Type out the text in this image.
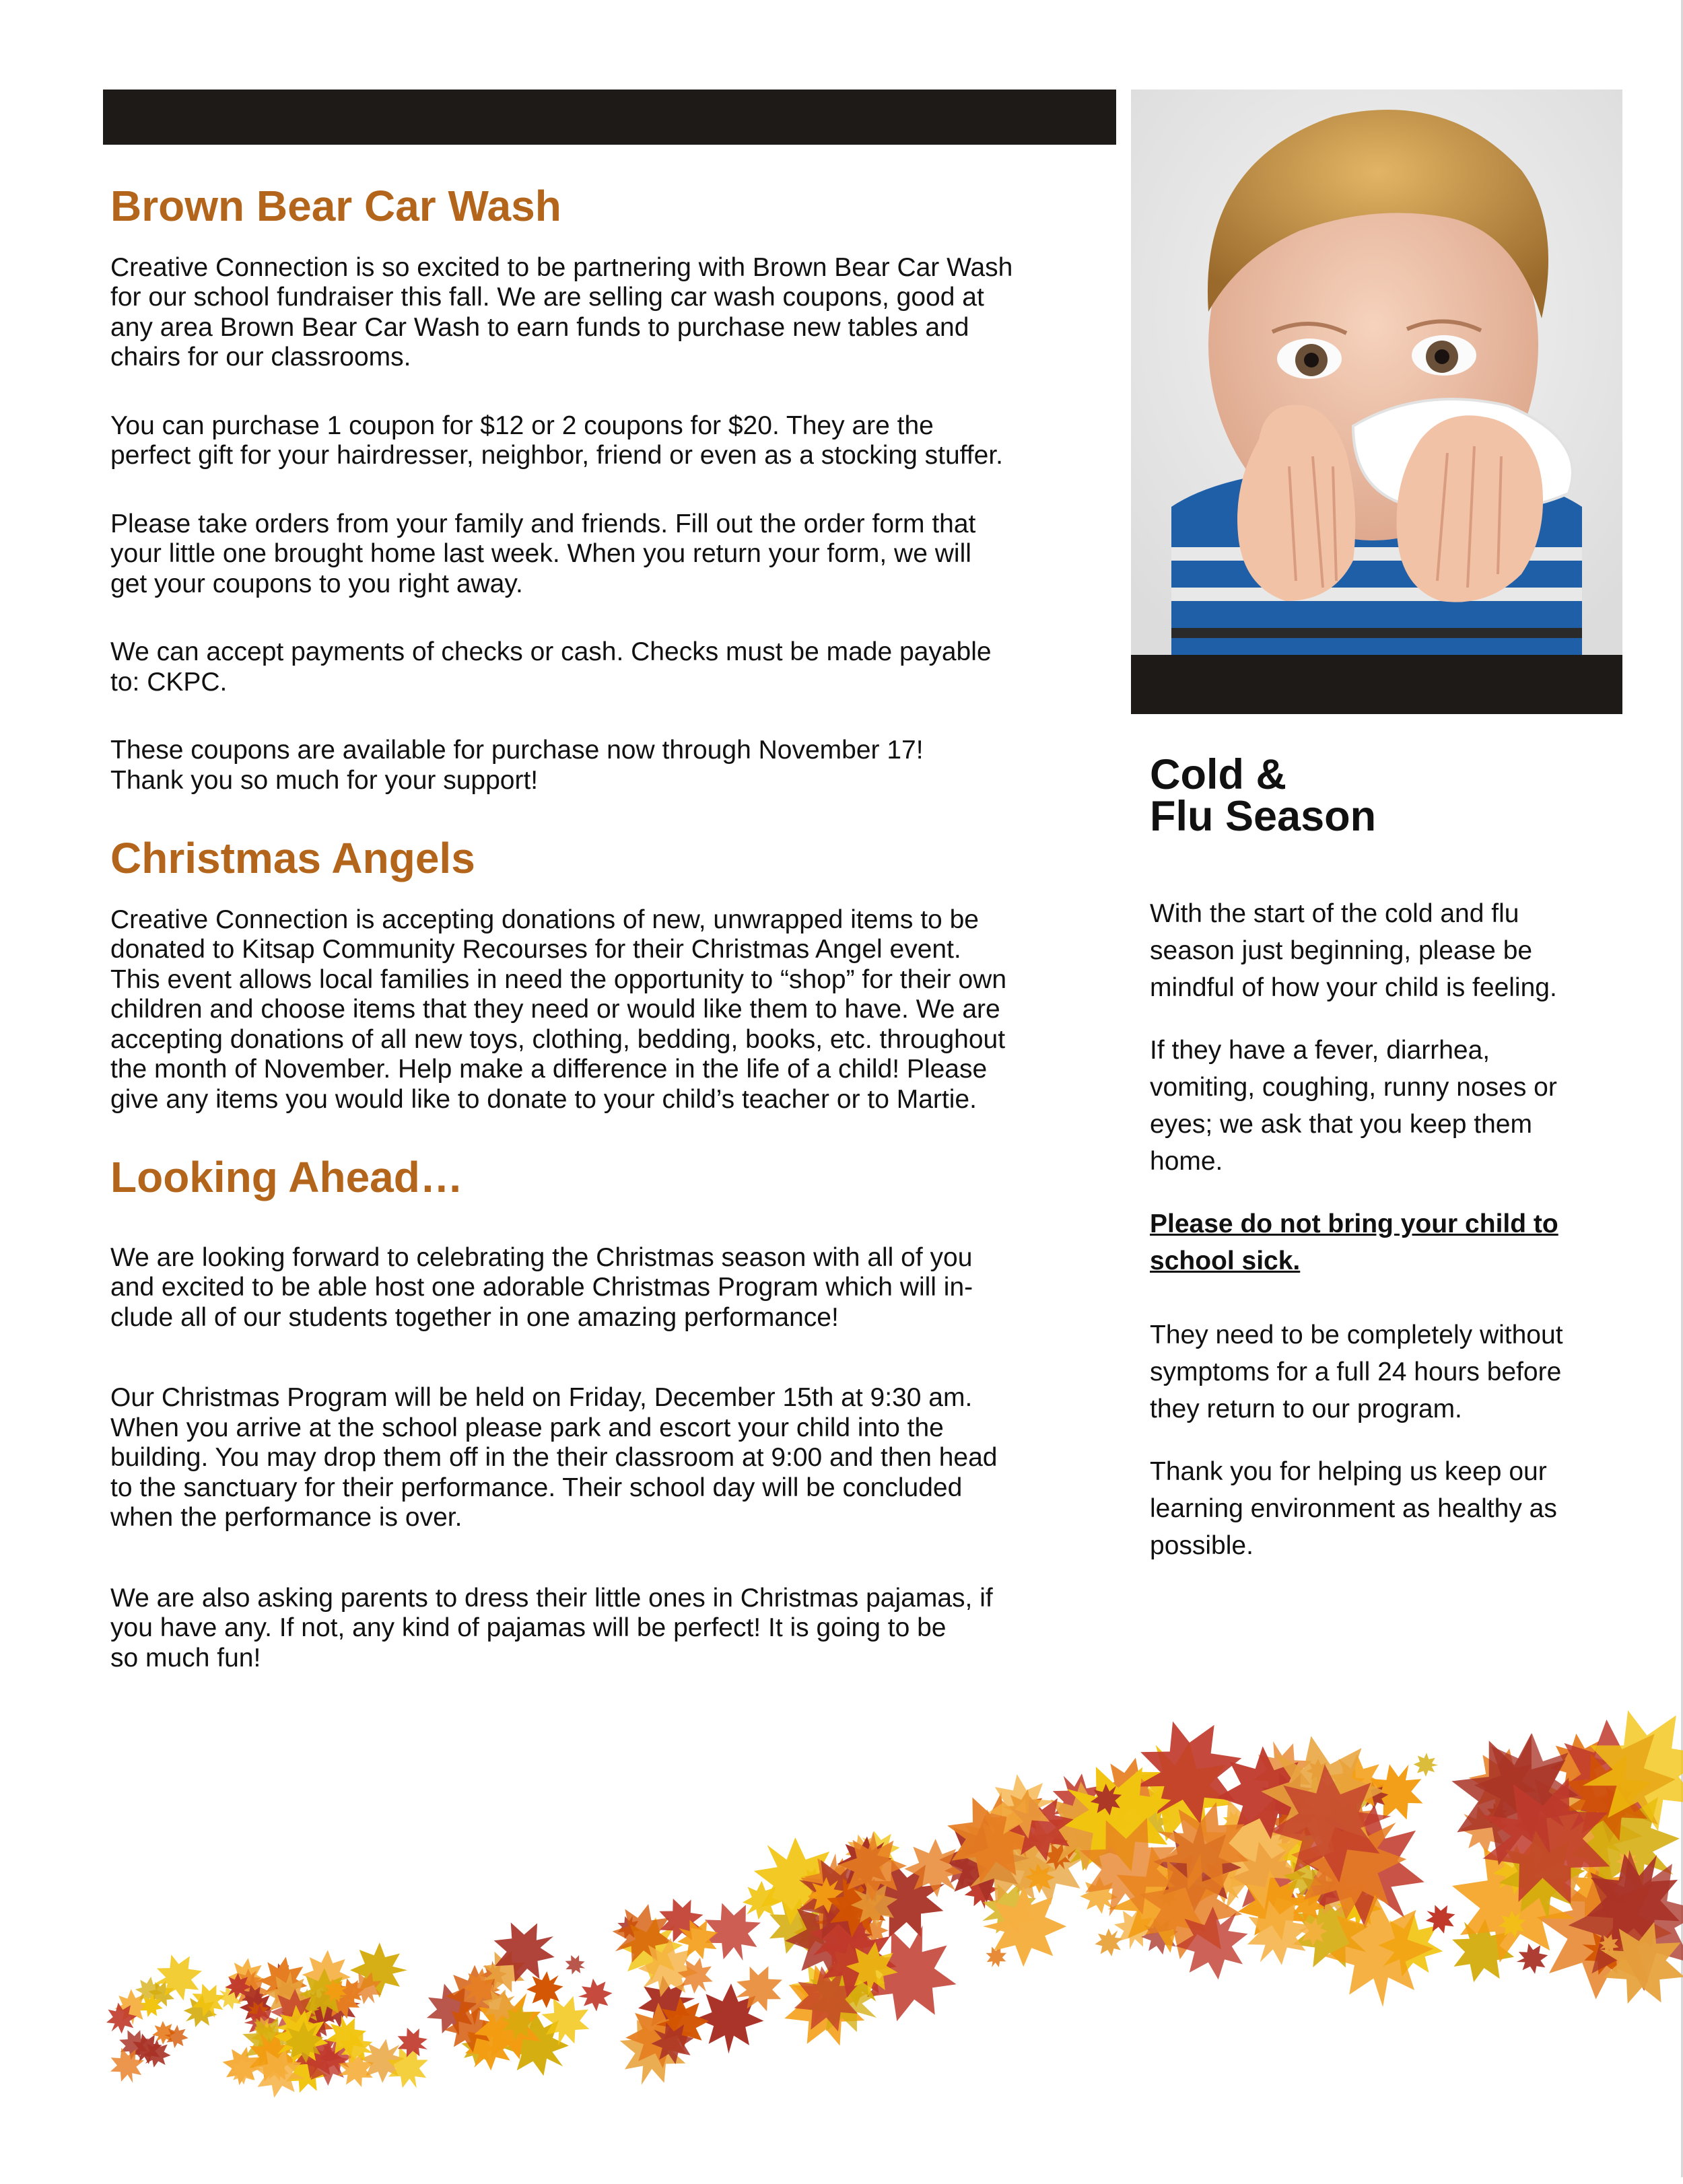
Brown Bear Car Wash

Creative Connection is so excited to be partnering with Brown Bear Car Wash
for our school fundraiser this fall. We are selling car wash coupons, good at
any area Brown Bear Car Wash to earn funds to purchase new tables and
chairs for our classrooms.

You can purchase 1 coupon for $12 or 2 coupons for $20. They are the
perfect gift for your hairdresser, neighbor, friend or even as a stocking stuffer.

Please take orders from your family and friends. Fill out the order form that
your little one brought home last week. When you return your form, we will
get your coupons to you right away.

We can accept payments of checks or cash. Checks must be made payable
to: CKPC.

These coupons are available for purchase now through November 17!
Thank you so much for your support!

Christmas Angels

Creative Connection is accepting donations of new, unwrapped items to be
donated to Kitsap Community Recourses for their Christmas Angel event.
This event allows local families in need the opportunity to “shop” for their own
children and choose items that they need or would like them to have. We are
accepting donations of all new toys, clothing, bedding, books, etc. throughout
the month of November. Help make a difference in the life of a child! Please
give any items you would like to donate to your child’s teacher or to Martie.

Looking Ahead…

We are looking forward to celebrating the Christmas season with all of you
and excited to be able host one adorable Christmas Program which will in-
clude all of our students together in one amazing performance!

Our Christmas Program will be held on Friday, December 15th at 9:30 am.
When you arrive at the school please park and escort your child into the
building. You may drop them off in the their classroom at 9:00 and then head
to the sanctuary for their performance. Their school day will be concluded
when the performance is over.

We are also asking parents to dress their little ones in Christmas pajamas, if
you have any. If not, any kind of pajamas will be perfect! It is going to be
so much fun!

Cold &
Flu Season

With the start of the cold and flu season just beginning, please be mindful of how your child is feeling.

If they have a fever, diarrhea, vomiting, coughing, runny noses or eyes; we ask that you keep them home.

Please do not bring your child to school sick.

They need to be completely without symptoms for a full 24 hours before they return to our program.

Thank you for helping us keep our learning environment as healthy as possible.
